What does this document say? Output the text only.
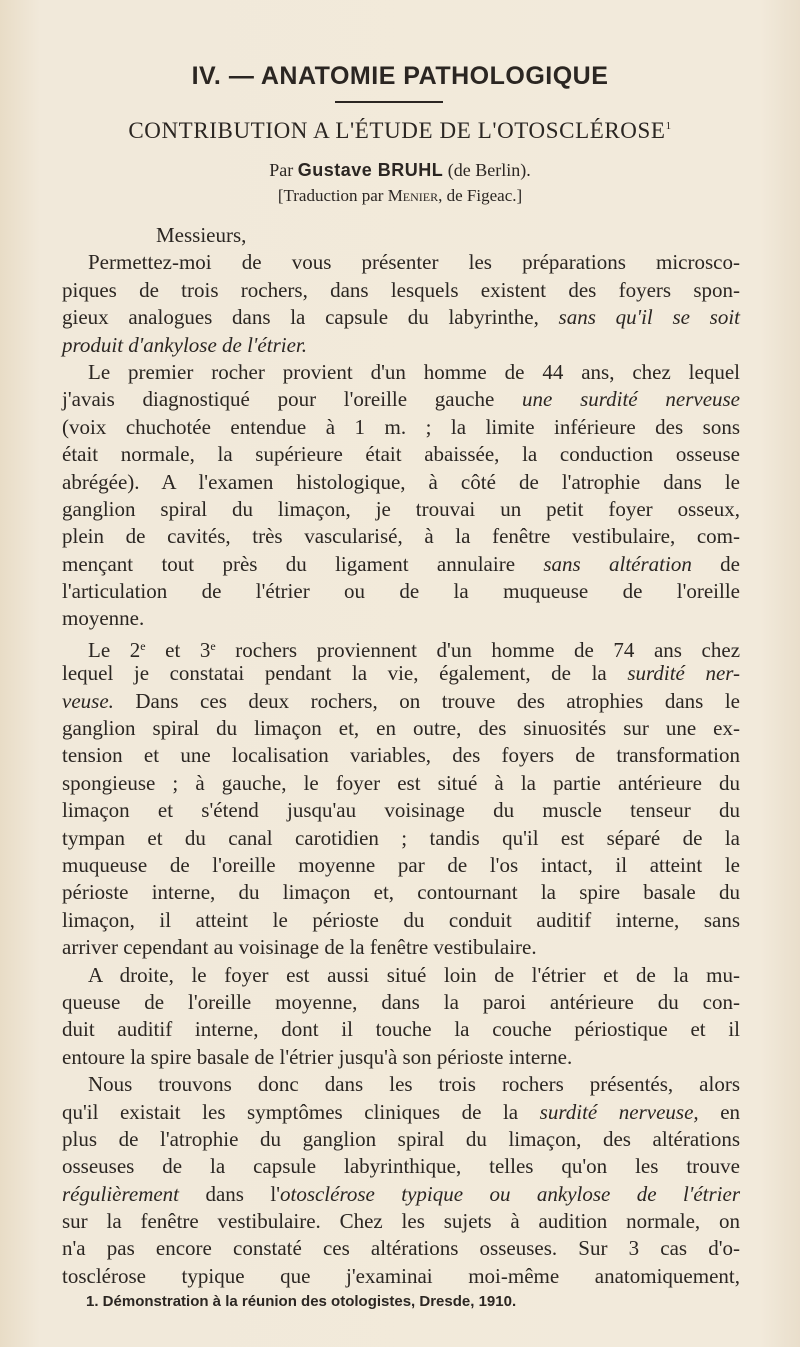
IV. — ANATOMIE PATHOLOGIQUE
CONTRIBUTION A L'ÉTUDE DE L'OTOSCLÉROSE$^1$
Par Gustave BRUHL (de Berlin).
[Traduction par Menier, de Figeac.]
Messieurs,
Permettez-moi de vous présenter les préparations microsco-
piques de trois rochers, dans lesquels existent des foyers spon-
gieux analogues dans la capsule du labyrinthe, sans qu'il se soit
produit d'ankylose de l'étrier.
Le premier rocher provient d'un homme de 44 ans, chez lequel
j'avais diagnostiqué pour l'oreille gauche une surdité nerveuse
(voix chuchotée entendue à 1 m. ; la limite inférieure des sons
était normale, la supérieure était abaissée, la conduction osseuse
abrégée). A l'examen histologique, à côté de l'atrophie dans le
ganglion spiral du limaçon, je trouvai un petit foyer osseux,
plein de cavités, très vascularisé, à la fenêtre vestibulaire, com-
mençant tout près du ligament annulaire sans altération de
l'articulation de l'étrier ou de la muqueuse de l'oreille
moyenne.
Le 2e et 3e rochers proviennent d'un homme de 74 ans chez
lequel je constatai pendant la vie, également, de la surdité ner-
veuse. Dans ces deux rochers, on trouve des atrophies dans le
ganglion spiral du limaçon et, en outre, des sinuosités sur une ex-
tension et une localisation variables, des foyers de transformation
spongieuse ; à gauche, le foyer est situé à la partie antérieure du
limaçon et s'étend jusqu'au voisinage du muscle tenseur du
tympan et du canal carotidien ; tandis qu'il est séparé de la
muqueuse de l'oreille moyenne par de l'os intact, il atteint le
périoste interne, du limaçon et, contournant la spire basale du
limaçon, il atteint le périoste du conduit auditif interne, sans
arriver cependant au voisinage de la fenêtre vestibulaire.
A droite, le foyer est aussi situé loin de l'étrier et de la mu-
queuse de l'oreille moyenne, dans la paroi antérieure du con-
duit auditif interne, dont il touche la couche périostique et il
entoure la spire basale de l'étrier jusqu'à son périoste interne.
Nous trouvons donc dans les trois rochers présentés, alors
qu'il existait les symptômes cliniques de la surdité nerveuse, en
plus de l'atrophie du ganglion spiral du limaçon, des altérations
osseuses de la capsule labyrinthique, telles qu'on les trouve
régulièrement dans l'otosclérose typique ou ankylose de l'étrier
sur la fenêtre vestibulaire. Chez les sujets à audition normale, on
n'a pas encore constaté ces altérations osseuses. Sur 3 cas d'o-
tosclérose typique que j'examinai moi-même anatomiquement,
1. Démonstration à la réunion des otologistes, Dresde, 1910.
